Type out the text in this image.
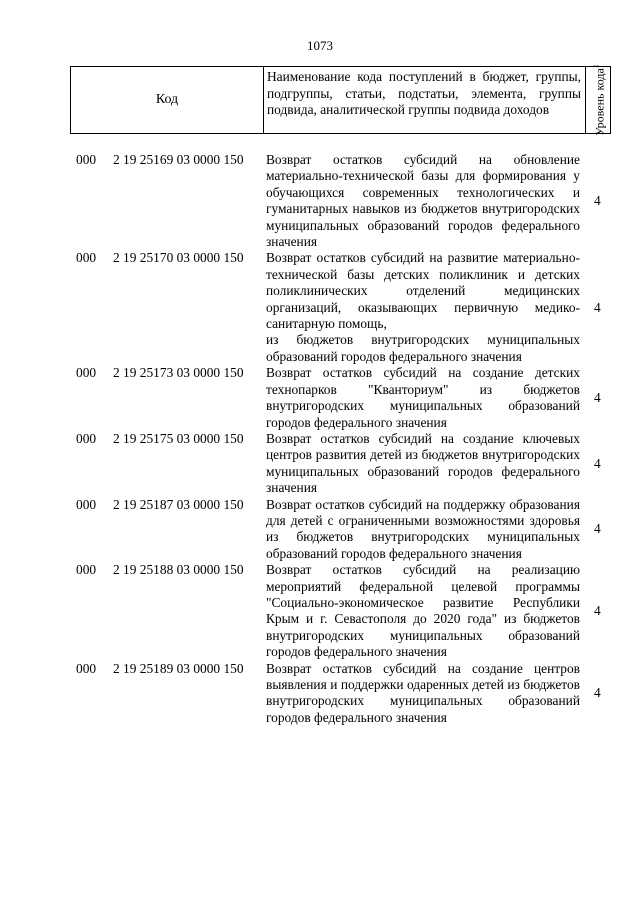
1073
Код
Наименование кода поступлений в бюджет, группы, подгруппы, статьи, подстатьи, элемента, группы подвида, аналитической группы подвида доходов	Уровень кода$^1$
000 2 19 25169 03 0000 150 Возврат остатков субсидий на обновление материально-технической базы для формирования у обучающихся современных технологических и гуманитарных навыков из бюджетов внутригородских муниципальных образований городов федерального значения
4
000 2 19 25170 03 0000 150 Возврат остатков субсидий на развитие материально-технической базы детских поликлиник и детских поликлинических отделений медицинских организаций, оказывающих первичную медико-санитарную помощь,
из бюджетов внутригородских муниципальных образований городов федерального значения
4
000 2 19 25173 03 0000 150 Возврат остатков субсидий на создание детских технопарков "Кванториум" из бюджетов внутригородских муниципальных образований городов федерального значения
4
000 2 19 25175 03 0000 150 Возврат остатков субсидий на создание ключевых центров развития детей из бюджетов внутригородских муниципальных образований городов федерального значения
4
000 2 19 25187 03 0000 150 Возврат остатков субсидий на поддержку образования для детей с ограниченными возможностями здоровья из бюджетов внутригородских муниципальных образований городов федерального значения
4
000 2 19 25188 03 0000 150 Возврат остатков субсидий на реализацию мероприятий федеральной целевой программы "Социально-экономическое развитие Республики Крым и г. Севастополя до 2020 года" из бюджетов внутригородских муниципальных образований городов федерального значения
4
000 2 19 25189 03 0000 150 Возврат остатков субсидий на создание центров выявления и поддержки одаренных детей из бюджетов внутригородских муниципальных образований городов федерального значения
4
